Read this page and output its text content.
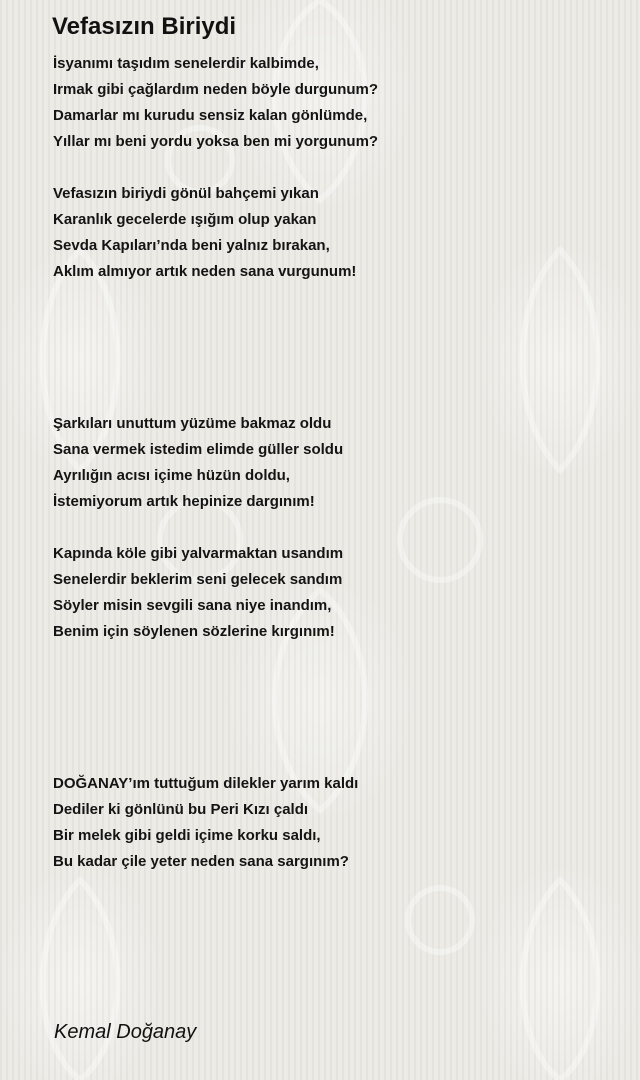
Vefasızın Biriydi

İsyanımı taşıdım senelerdir kalbimde,
Irmak gibi çağlardım neden böyle durgunum?
Damarlar mı kurudu sensiz kalan gönlümde,
Yıllar mı beni yordu yoksa ben mi yorgunum?

Vefasızın biriydi gönül bahçemi yıkan
Karanlık gecelerde ışığım olup yakan
Sevda Kapıları’nda beni yalnız bırakan,
Aklım almıyor artık neden sana vurgunum!

Şarkıları unuttum yüzüme bakmaz oldu
Sana vermek istedim elimde güller soldu
Ayrılığın acısı içime hüzün doldu,
İstemiyorum artık hepinize dargınım!

Kapında köle gibi yalvarmaktan usandım
Senelerdir beklerim seni gelecek sandım
Söyler misin sevgili sana niye inandım,
Benim için söylenen sözlerine kırgınım!

DOĞANAY’ım tuttuğum dilekler yarım kaldı
Dediler ki gönlünü bu Peri Kızı çaldı
Bir melek gibi geldi içime korku saldı,
Bu kadar çile yeter neden sana sargınım?

Kemal Doğanay
